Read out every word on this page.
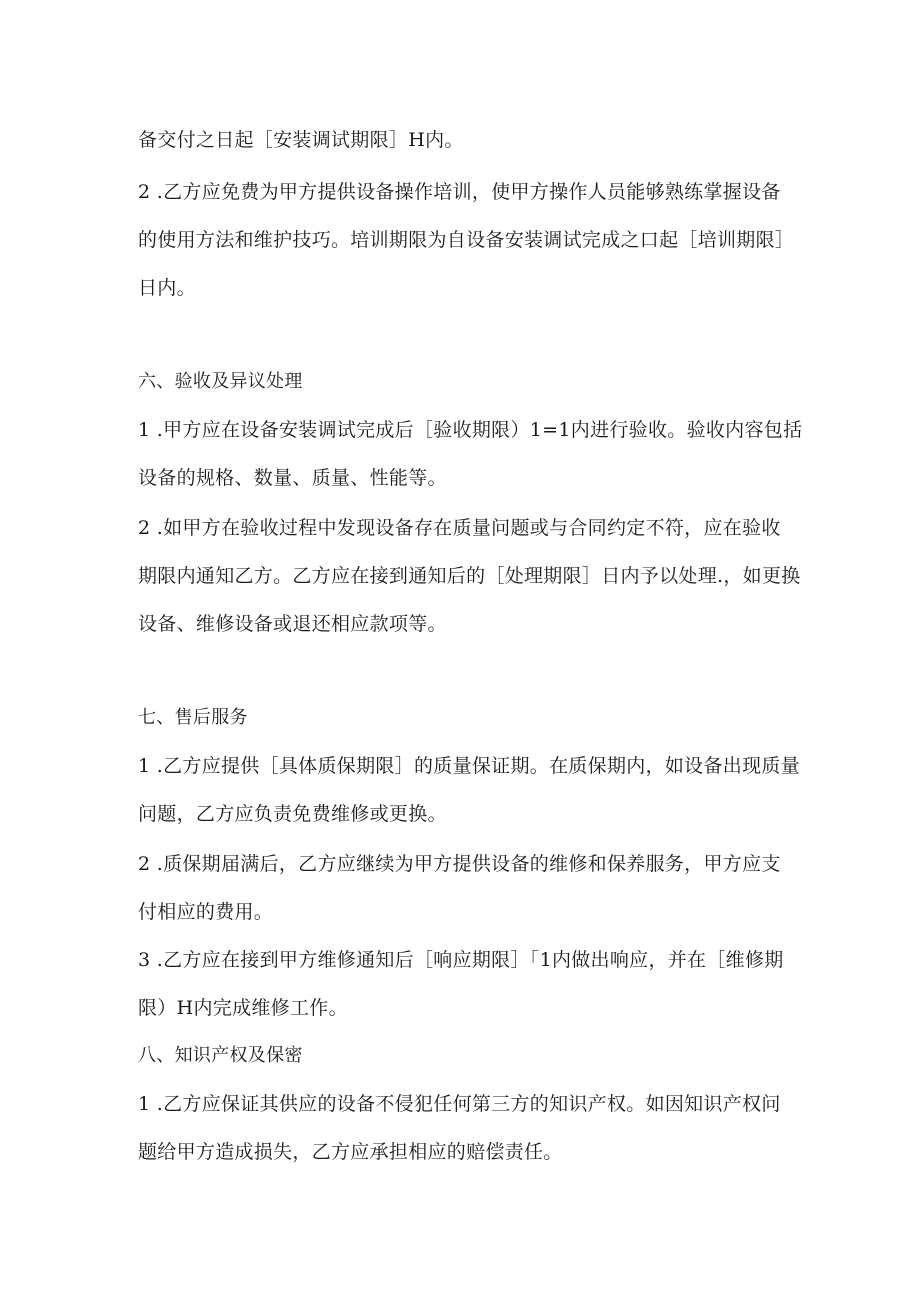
备交付之日起［安装调试期限］H内。
2 .乙方应免费为甲方提供设备操作培训，使甲方操作人员能够熟练掌握设备
的使用方法和维护技巧。培训期限为自设备安装调试完成之口起［培训期限］
日内。
六、验收及异议处理
1 .甲方应在设备安装调试完成后［验收期限）1=1内进行验收。验收内容包括
设备的规格、数量、质量、性能等。
2 .如甲方在验收过程中发现设备存在质量问题或与合同约定不符，应在验收
期限内通知乙方。乙方应在接到通知后的［处理期限］日内予以处理.，如更换
设备、维修设备或退还相应款项等。
七、售后服务
1 .乙方应提供［具体质保期限］的质量保证期。在质保期内，如设备出现质量
问题，乙方应负责免费维修或更换。
2 .质保期届满后，乙方应继续为甲方提供设备的维修和保养服务，甲方应支
付相应的费用。
3 .乙方应在接到甲方维修通知后［响应期限］「1内做出响应，并在［维修期
限）H内完成维修工作。
八、知识产权及保密
1 .乙方应保证其供应的设备不侵犯任何第三方的知识产权。如因知识产权问
题给甲方造成损失，乙方应承担相应的赔偿责任。
